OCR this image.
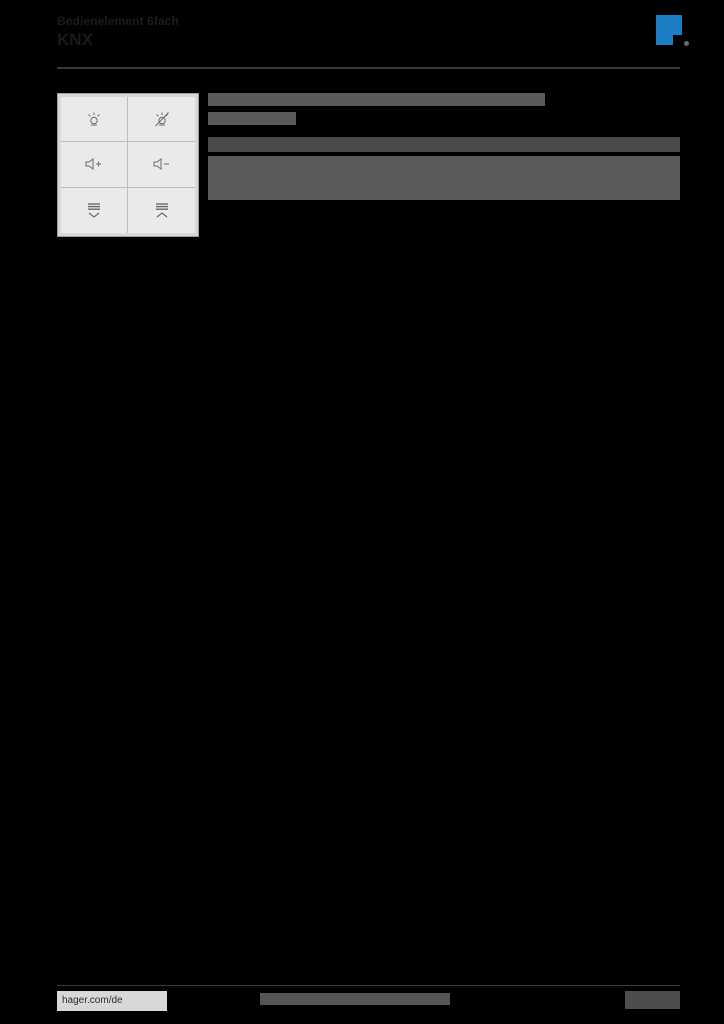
Bedienelement 6fach
KNX
hager.com/de
